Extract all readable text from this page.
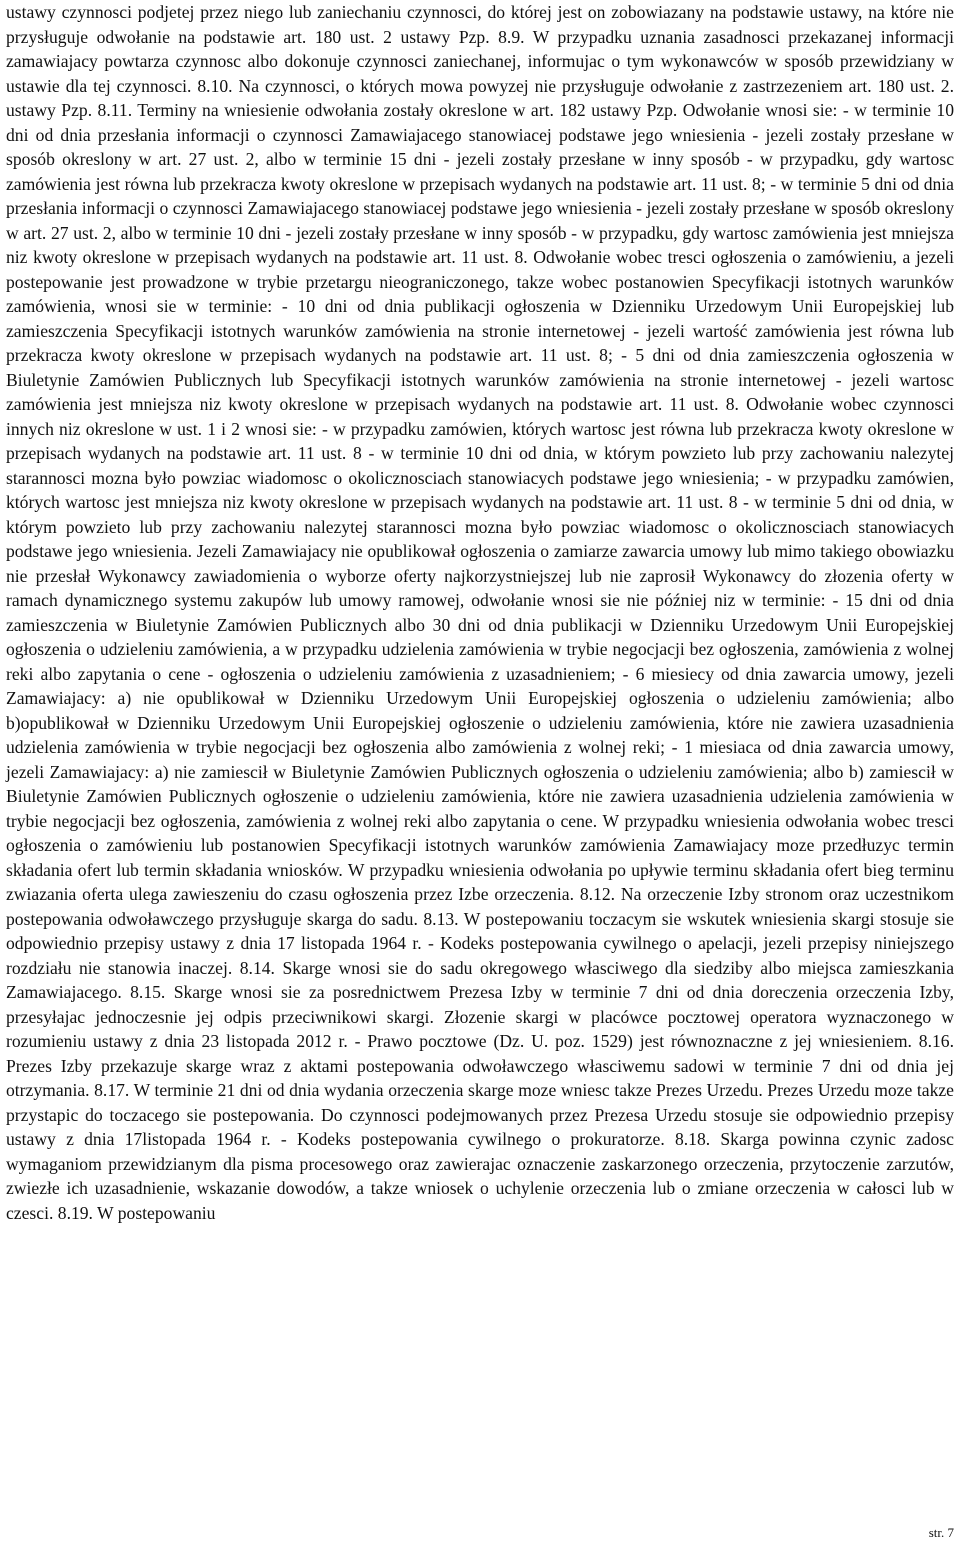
ustawy czynnosci podjetej przez niego lub zaniechaniu czynnosci, do której jest on zobowiazany na podstawie ustawy, na które nie przysługuje odwołanie na podstawie art. 180 ust. 2 ustawy Pzp. 8.9. W przypadku uznania zasadnosci przekazanej informacji zamawiajacy powtarza czynnosc albo dokonuje czynnosci zaniechanej, informujac o tym wykonawców w sposób przewidziany w ustawie dla tej czynnosci. 8.10. Na czynnosci, o których mowa powyzej nie przysługuje odwołanie z zastrzezeniem art. 180 ust. 2. ustawy Pzp. 8.11. Terminy na wniesienie odwołania zostały okreslone w art. 182 ustawy Pzp. Odwołanie wnosi sie: - w terminie 10 dni od dnia przesłania informacji o czynnosci Zamawiajacego stanowiacej podstawe jego wniesienia - jezeli zostały przesłane w sposób okreslony w art. 27 ust. 2, albo w terminie 15 dni - jezeli zostały przesłane w inny sposób - w przypadku, gdy wartosc zamówienia jest równa lub przekracza kwoty okreslone w przepisach wydanych na podstawie art. 11 ust. 8; - w terminie 5 dni od dnia przesłania informacji o czynnosci Zamawiajacego stanowiacej podstawe jego wniesienia - jezeli zostały przesłane w sposób okreslony w art. 27 ust. 2, albo w terminie 10 dni - jezeli zostały przesłane w inny sposób - w przypadku, gdy wartosc zamówienia jest mniejsza niz kwoty okreslone w przepisach wydanych na podstawie art. 11 ust. 8. Odwołanie wobec tresci ogłoszenia o zamówieniu, a jezeli postepowanie jest prowadzone w trybie przetargu nieograniczonego, takze wobec postanowien Specyfikacji istotnych warunków zamówienia, wnosi sie w terminie: - 10 dni od dnia publikacji ogłoszenia w Dzienniku Urzedowym Unii Europejskiej lub zamieszczenia Specyfikacji istotnych warunków zamówienia na stronie internetowej - jezeli wartość zamówienia jest równa lub przekracza kwoty okreslone w przepisach wydanych na podstawie art. 11 ust. 8; - 5 dni od dnia zamieszczenia ogłoszenia w Biuletynie Zamówien Publicznych lub Specyfikacji istotnych warunków zamówienia na stronie internetowej - jezeli wartosc zamówienia jest mniejsza niz kwoty okreslone w przepisach wydanych na podstawie art. 11 ust. 8. Odwołanie wobec czynnosci innych niz okreslone w ust. 1 i 2 wnosi sie: - w przypadku zamówien, których wartosc jest równa lub przekracza kwoty okreslone w przepisach wydanych na podstawie art. 11 ust. 8 - w terminie 10 dni od dnia, w którym powzieto lub przy zachowaniu nalezytej starannosci mozna było powziac wiadomosc o okolicznosciach stanowiacych podstawe jego wniesienia; - w przypadku zamówien, których wartosc jest mniejsza niz kwoty okreslone w przepisach wydanych na podstawie art. 11 ust. 8 - w terminie 5 dni od dnia, w którym powzieto lub przy zachowaniu nalezytej starannosci mozna było powziac wiadomosc o okolicznosciach stanowiacych podstawe jego wniesienia. Jezeli Zamawiajacy nie opublikował ogłoszenia o zamiarze zawarcia umowy lub mimo takiego obowiazku nie przesłał Wykonawcy zawiadomienia o wyborze oferty najkorzystniejszej lub nie zaprosił Wykonawcy do złozenia oferty w ramach dynamicznego systemu zakupów lub umowy ramowej, odwołanie wnosi sie nie później niz w terminie: - 15 dni od dnia zamieszczenia w Biuletynie Zamówien Publicznych albo 30 dni od dnia publikacji w Dzienniku Urzedowym Unii Europejskiej ogłoszenia o udzieleniu zamówienia, a w przypadku udzielenia zamówienia w trybie negocjacji bez ogłoszenia, zamówienia z wolnej reki albo zapytania o cene - ogłoszenia o udzieleniu zamówienia z uzasadnieniem; - 6 miesiecy od dnia zawarcia umowy, jezeli Zamawiajacy: a) nie opublikował w Dzienniku Urzedowym Unii Europejskiej ogłoszenia o udzieleniu zamówienia; albo b)opublikował w Dzienniku Urzedowym Unii Europejskiej ogłoszenie o udzieleniu zamówienia, które nie zawiera uzasadnienia udzielenia zamówienia w trybie negocjacji bez ogłoszenia albo zamówienia z wolnej reki; - 1 miesiaca od dnia zawarcia umowy, jezeli Zamawiajacy: a) nie zamiescił w Biuletynie Zamówien Publicznych ogłoszenia o udzieleniu zamówienia; albo b) zamiescił w Biuletynie Zamówien Publicznych ogłoszenie o udzieleniu zamówienia, które nie zawiera uzasadnienia udzielenia zamówienia w trybie negocjacji bez ogłoszenia, zamówienia z wolnej reki albo zapytania o cene. W przypadku wniesienia odwołania wobec tresci ogłoszenia o zamówieniu lub postanowien Specyfikacji istotnych warunków zamówienia Zamawiajacy moze przedłuzyc termin składania ofert lub termin składania wniosków. W przypadku wniesienia odwołania po upływie terminu składania ofert bieg terminu zwiazania oferta ulega zawieszeniu do czasu ogłoszenia przez Izbe orzeczenia. 8.12. Na orzeczenie Izby stronom oraz uczestnikom postepowania odwoławczego przysługuje skarga do sadu. 8.13. W postepowaniu toczacym sie wskutek wniesienia skargi stosuje sie odpowiednio przepisy ustawy z dnia 17 listopada 1964 r. - Kodeks postepowania cywilnego o apelacji, jezeli przepisy niniejszego rozdziału nie stanowia inaczej. 8.14. Skarge wnosi sie do sadu okregowego własciwego dla siedziby albo miejsca zamieszkania Zamawiajacego. 8.15. Skarge wnosi sie za posrednictwem Prezesa Izby w terminie 7 dni od dnia doreczenia orzeczenia Izby, przesyłajac jednoczesnie jej odpis przeciwnikowi skargi. Złozenie skargi w placówce pocztowej operatora wyznaczonego w rozumieniu ustawy z dnia 23 listopada 2012 r. - Prawo pocztowe (Dz. U. poz. 1529) jest równoznaczne z jej wniesieniem. 8.16. Prezes Izby przekazuje skarge wraz z aktami postepowania odwoławczego własciwemu sadowi w terminie 7 dni od dnia jej otrzymania. 8.17. W terminie 21 dni od dnia wydania orzeczenia skarge moze wniesc takze Prezes Urzedu. Prezes Urzedu moze takze przystapic do toczacego sie postepowania. Do czynnosci podejmowanych przez Prezesa Urzedu stosuje sie odpowiednio przepisy ustawy z dnia 17listopada 1964 r. - Kodeks postepowania cywilnego o prokuratorze. 8.18. Skarga powinna czynic zadosc wymaganiom przewidzianym dla pisma procesowego oraz zawierajac oznaczenie zaskarzonego orzeczenia, przytoczenie zarzutów, zwiezłe ich uzasadnienie, wskazanie dowodów, a takze wniosek o uchylenie orzeczenia lub o zmiane orzeczenia w całosci lub w czesci. 8.19. W postepowaniu

str. 7
